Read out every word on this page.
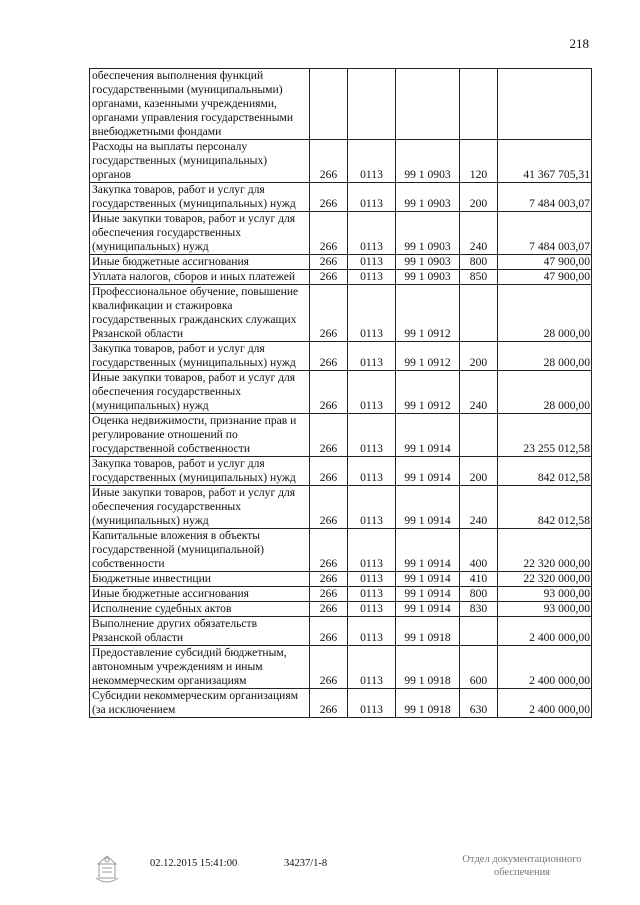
218
обеспечения выполнения функций государственными (муниципальными) органами, казенными учреждениями, органами управления государственными внебюджетными фондами					
Расходы на выплаты персоналу государственных (муниципальных) органов	266	0113	99 1 0903	120	41 367 705,31
Закупка товаров, работ и услуг для государственных (муниципальных) нужд	266	0113	99 1 0903	200	7 484 003,07
Иные закупки товаров, работ и услуг для обеспечения государственных (муниципальных) нужд	266	0113	99 1 0903	240	7 484 003,07
Иные бюджетные ассигнования	266	0113	99 1 0903	800	47 900,00
Уплата налогов, сборов и иных платежей	266	0113	99 1 0903	850	47 900,00
Профессиональное обучение, повышение квалификации и стажировка государственных гражданских служащих Рязанской области	266	0113	99 1 0912		28 000,00
Закупка товаров, работ и услуг для государственных (муниципальных) нужд	266	0113	99 1 0912	200	28 000,00
Иные закупки товаров, работ и услуг для обеспечения государственных (муниципальных) нужд	266	0113	99 1 0912	240	28 000,00
Оценка недвижимости, признание прав и регулирование отношений по государственной собственности	266	0113	99 1 0914		23 255 012,58
Закупка товаров, работ и услуг для государственных (муниципальных) нужд	266	0113	99 1 0914	200	842 012,58
Иные закупки товаров, работ и услуг для обеспечения государственных (муниципальных) нужд	266	0113	99 1 0914	240	842 012,58
Капитальные вложения в объекты государственной (муниципальной) собственности	266	0113	99 1 0914	400	22 320 000,00
Бюджетные инвестиции	266	0113	99 1 0914	410	22 320 000,00
Иные бюджетные ассигнования	266	0113	99 1 0914	800	93 000,00
Исполнение судебных актов	266	0113	99 1 0914	830	93 000,00
Выполнение других обязательств Рязанской области	266	0113	99 1 0918		2 400 000,00
Предоставление субсидий бюджетным, автономным учреждениям и иным некоммерческим организациям	266	0113	99 1 0918	600	2 400 000,00
Субсидии некоммерческим организациям (за исключением	266	0113	99 1 0918	630	2 400 000,00
02.12.2015 15:41:00	34237/1-8	Отдел документационного
обеспечения
